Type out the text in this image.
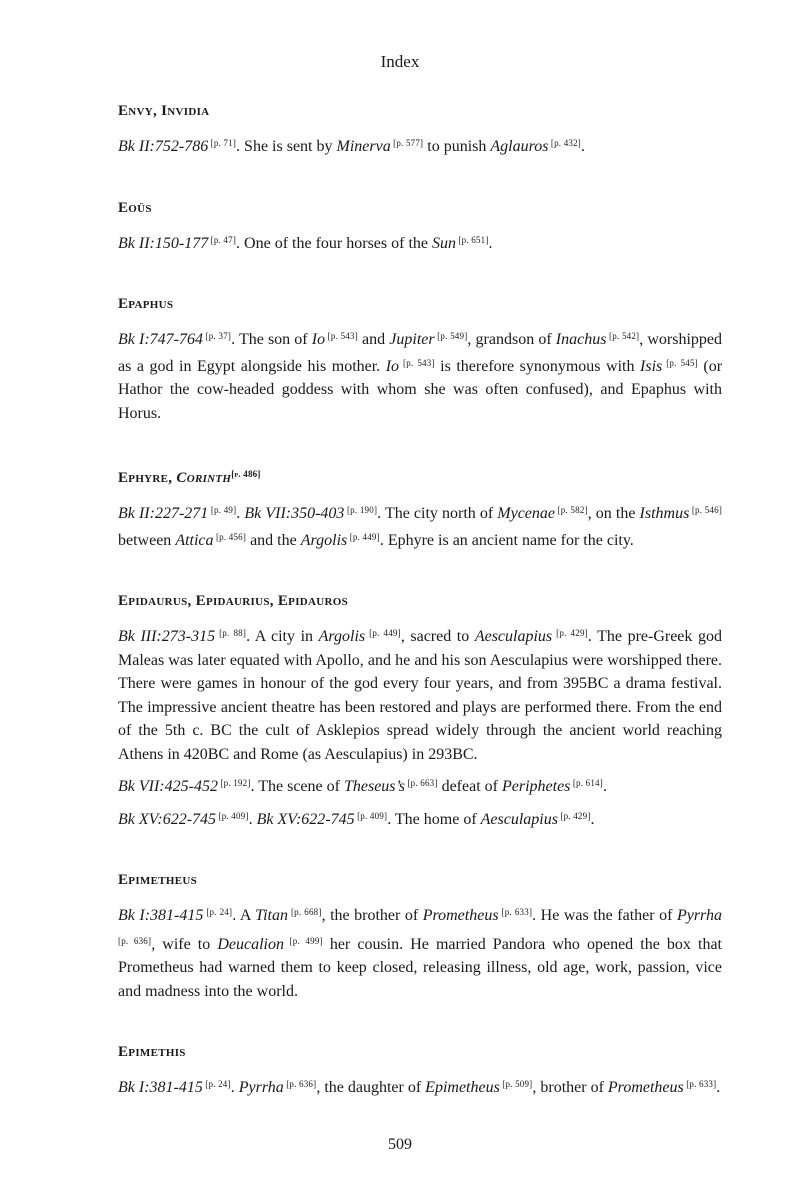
Index
Envy, Invidia

Bk II:752-786 [p. 71]. She is sent by Minerva [p. 577] to punish Aglauros [p. 432].

Eoüs

Bk II:150-177 [p. 47]. One of the four horses of the Sun [p. 651].

Epaphus

Bk I:747-764 [p. 37]. The son of Io [p. 543] and Jupiter [p. 549], grandson of Inachus [p. 542], worshipped as a god in Egypt alongside his mother. Io [p. 543] is therefore synonymous with Isis [p. 545] (or Hathor the cow-headed goddess with whom she was often confused), and Epaphus with Horus.

Ephyre, Corinth[p. 486]

Bk II:227-271 [p. 49]. Bk VII:350-403 [p. 190]. The city north of Mycenae [p. 582], on the Isthmus [p. 546] between Attica [p. 456] and the Argolis [p. 449]. Ephyre is an ancient name for the city.

Epidaurus, Epidaurius, Epidauros

Bk III:273-315 [p. 88]. A city in Argolis [p. 449], sacred to Aesculapius [p. 429]. The pre-Greek god Maleas was later equated with Apollo, and he and his son Aesculapius were worshipped there. There were games in honour of the god every four years, and from 395BC a drama festival. The impressive ancient theatre has been restored and plays are performed there. From the end of the 5th c. BC the cult of Asklepios spread widely through the ancient world reaching Athens in 420BC and Rome (as Aesculapius) in 293BC.

Bk VII:425-452 [p. 192]. The scene of Theseus’s [p. 663] defeat of Periphetes [p. 614].

Bk XV:622-745 [p. 409]. Bk XV:622-745 [p. 409]. The home of Aesculapius [p. 429].

Epimetheus

Bk I:381-415 [p. 24]. A Titan [p. 668], the brother of Prometheus [p. 633]. He was the father of Pyrrha [p. 636], wife to Deucalion [p. 499] her cousin. He married Pandora who opened the box that Prometheus had warned them to keep closed, releasing illness, old age, work, passion, vice and madness into the world.

Epimethis

Bk I:381-415 [p. 24]. Pyrrha [p. 636], the daughter of Epimetheus [p. 509], brother of Prometheus [p. 633].

509
